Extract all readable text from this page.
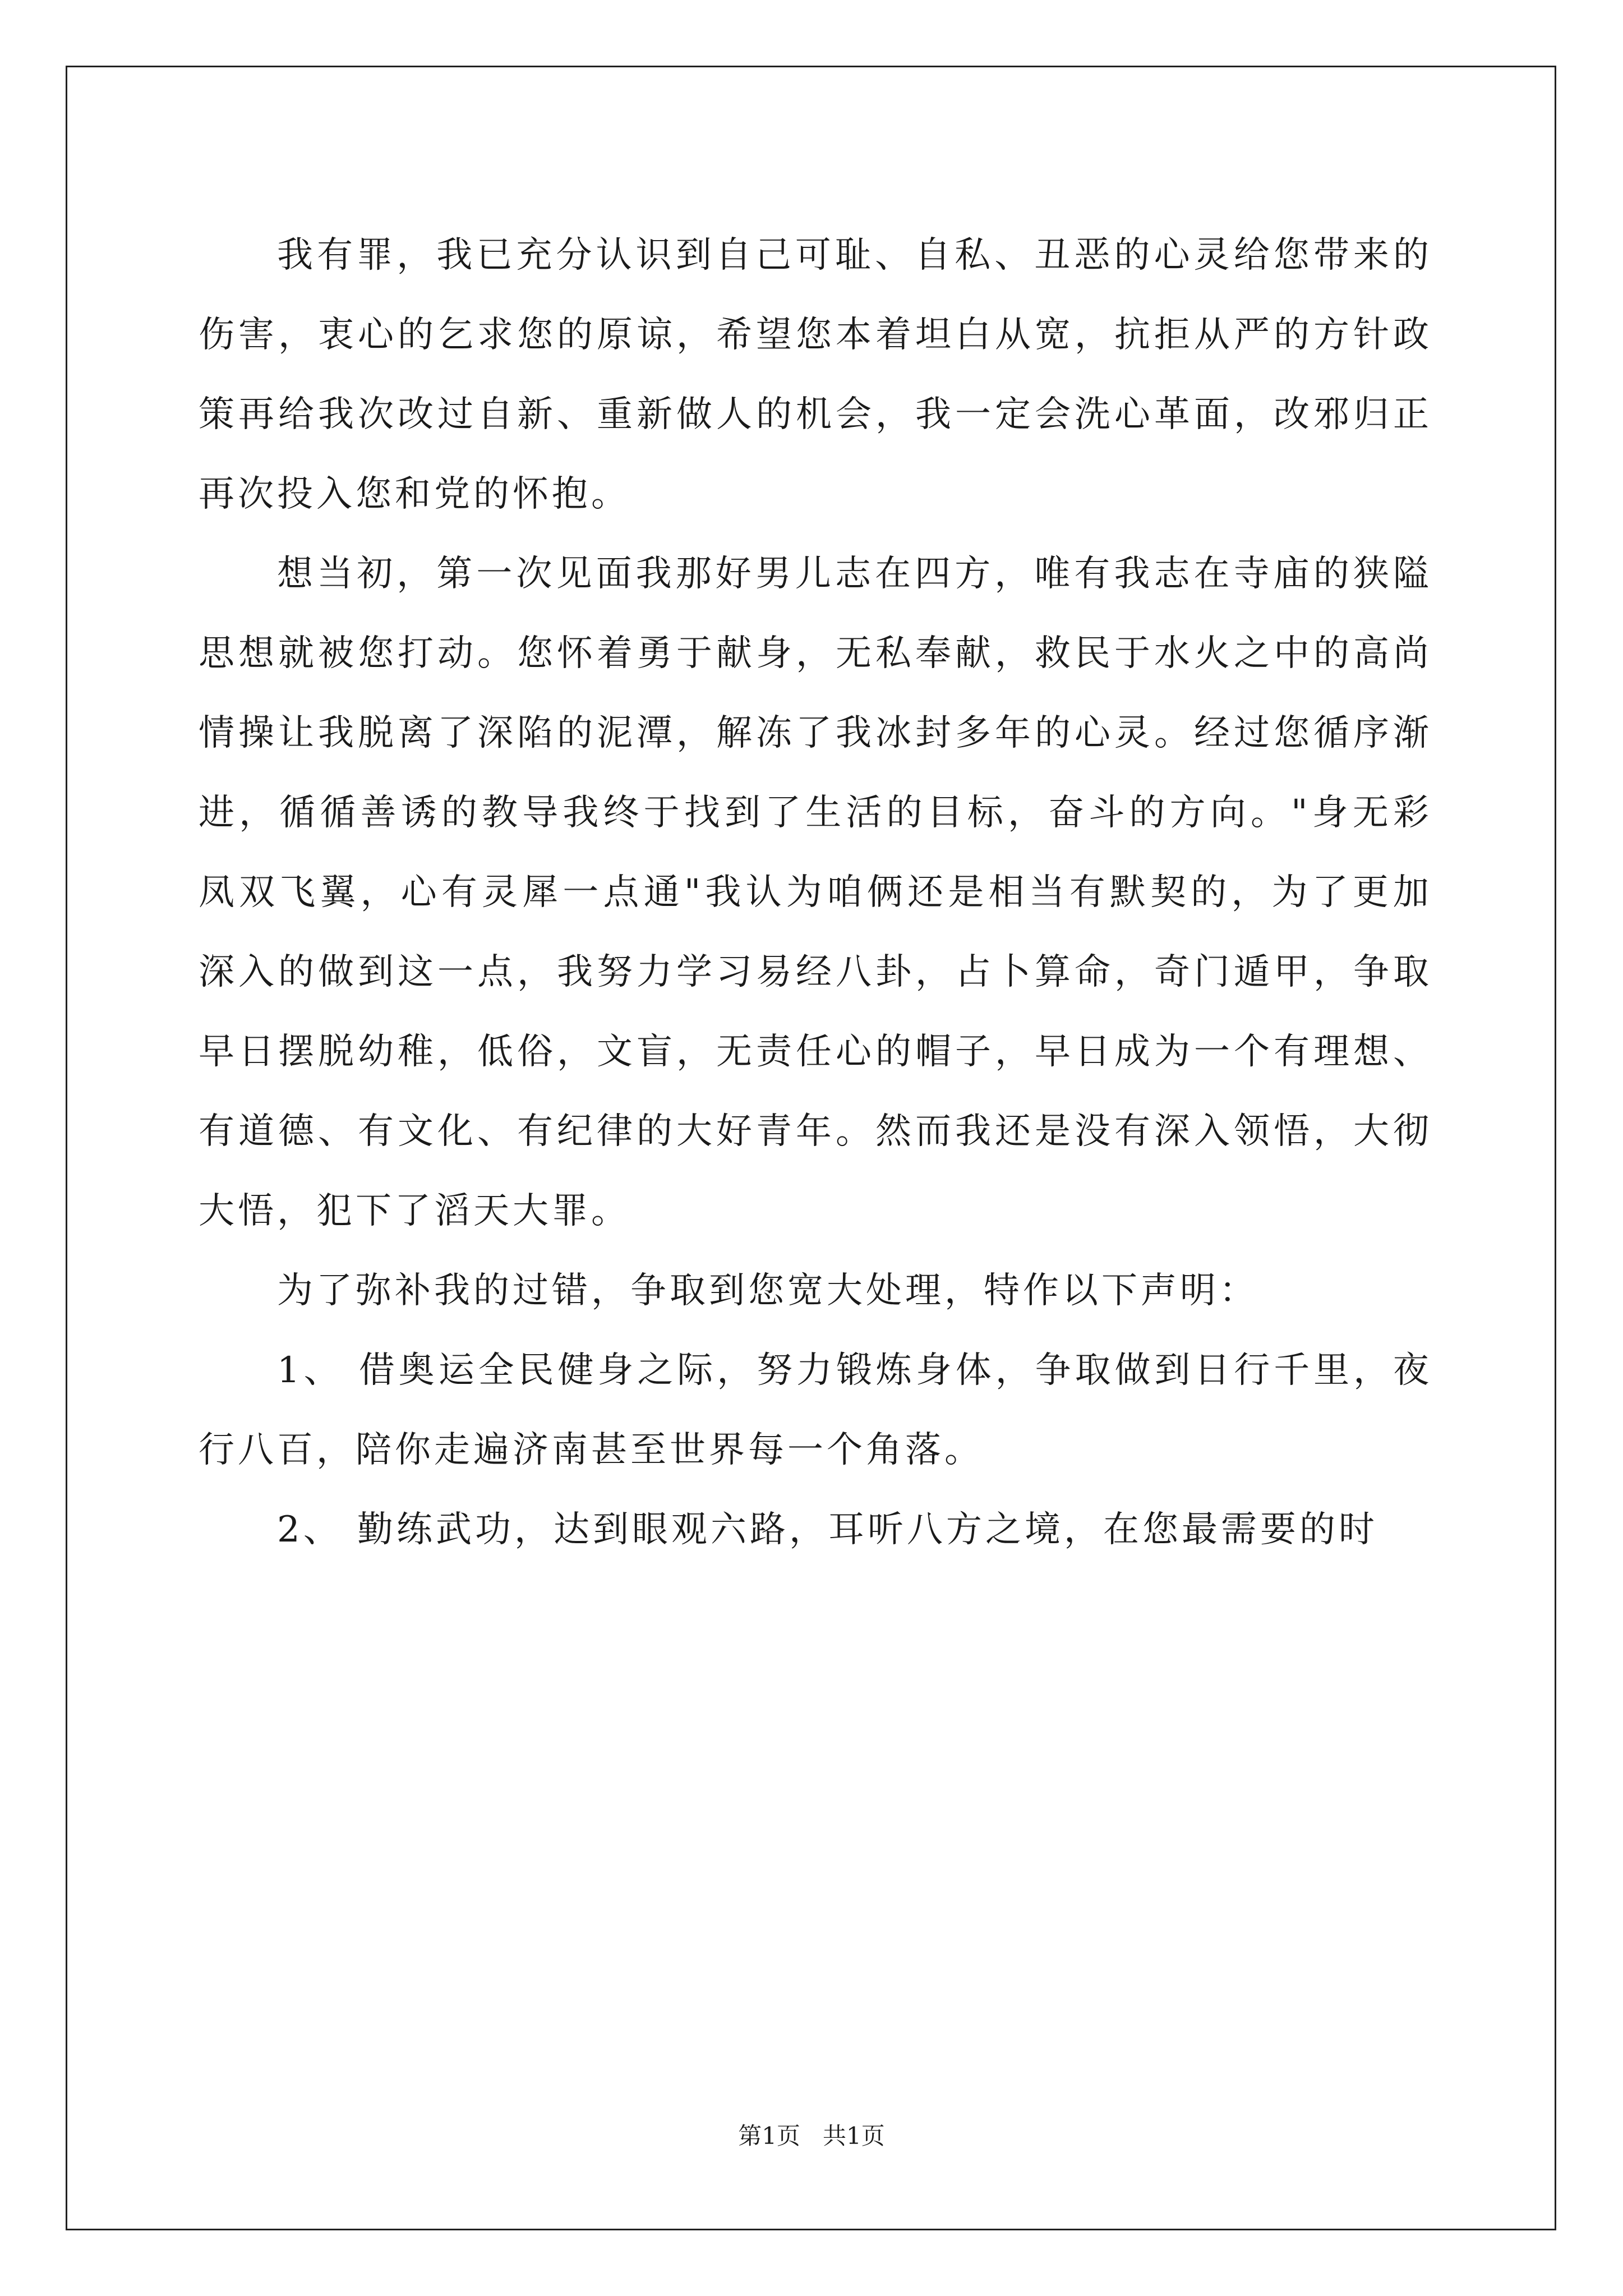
我有罪，我已充分认识到自己可耻、自私、丑恶的心灵给您带来的伤害，衷心的乞求您的原谅，希望您本着坦白从宽，抗拒从严的方针政策再给我次改过自新、重新做人的机会，我一定会洗心革面，改邪归正再次投入您和党的怀抱。

想当初，第一次见面我那好男儿志在四方，唯有我志在寺庙的狭隘思想就被您打动。您怀着勇于献身，无私奉献，救民于水火之中的高尚情操让我脱离了深陷的泥潭，解冻了我冰封多年的心灵。经过您循序渐进，循循善诱的教导我终于找到了生活的目标，奋斗的方向。"身无彩凤双飞翼，心有灵犀一点通"我认为咱俩还是相当有默契的，为了更加深入的做到这一点，我努力学习易经八卦，占卜算命，奇门遁甲，争取早日摆脱幼稚，低俗，文盲，无责任心的帽子，早日成为一个有理想、有道德、有文化、有纪律的大好青年。然而我还是没有深入领悟，大彻大悟，犯下了滔天大罪。

为了弥补我的过错，争取到您宽大处理，特作以下声明：

1、 借奥运全民健身之际，努力锻炼身体，争取做到日行千里，夜行八百，陪你走遍济南甚至世界每一个角落。

2、 勤练武功，达到眼观六路，耳听八方之境，在您最需要的时

第1页   共1页
